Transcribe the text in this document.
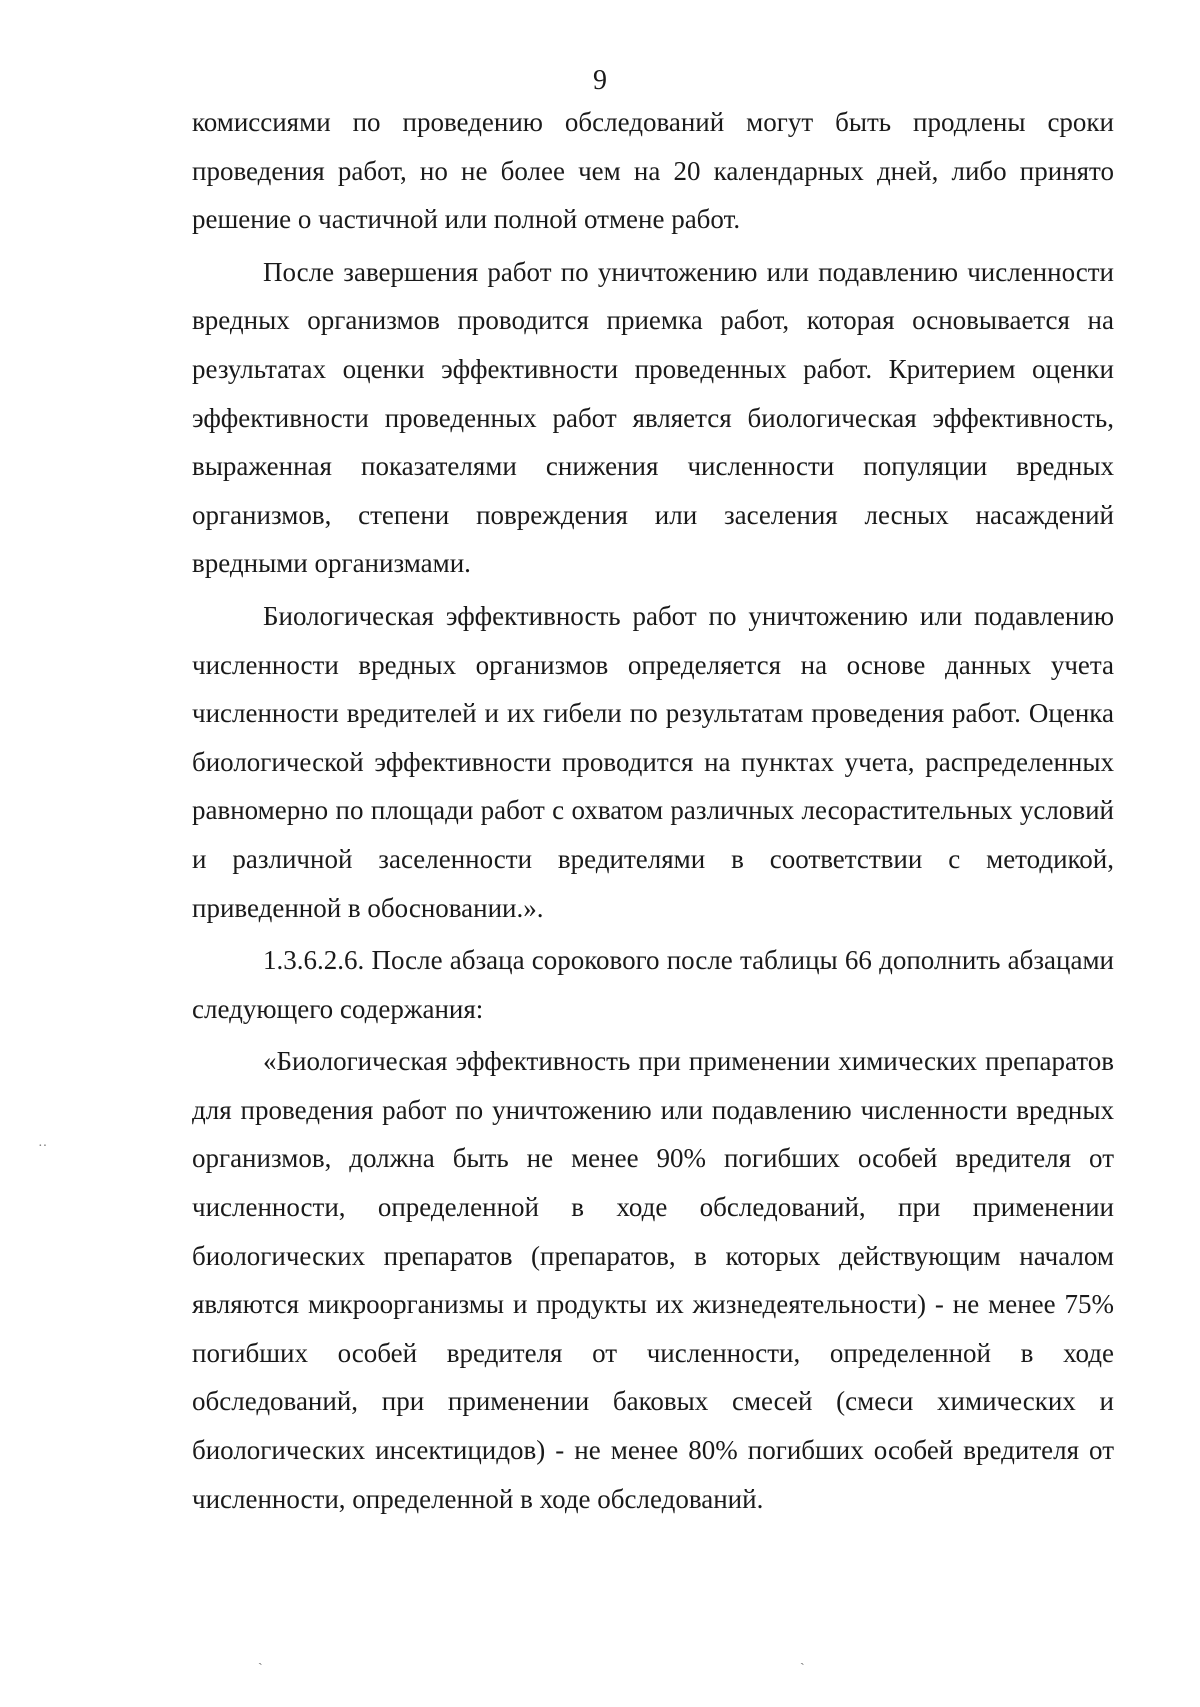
9

комиссиями по проведению обследований могут быть продлены сроки проведения работ, но не более чем на 20 календарных дней, либо принято решение о частичной или полной отмене работ.

После завершения работ по уничтожению или подавлению численности вредных организмов проводится приемка работ, которая основывается на результатах оценки эффективности проведенных работ. Критерием оценки эффективности проведенных работ является биологическая эффективность, выраженная показателями снижения численности популяции вредных организмов, степени повреждения или заселения лесных насаждений вредными организмами.

Биологическая эффективность работ по уничтожению или подавлению численности вредных организмов определяется на основе данных учета численности вредителей и их гибели по результатам проведения работ. Оценка биологической эффективности проводится на пунктах учета, распределенных равномерно по площади работ с охватом различных лесорастительных условий и различной заселенности вредителями в соответствии с методикой, приведенной в обосновании.».

1.3.6.2.6. После абзаца сорокового после таблицы 66 дополнить абзацами следующего содержания:

«Биологическая эффективность при применении химических препаратов для проведения работ по уничтожению или подавлению численности вредных организмов, должна быть не менее 90% погибших особей вредителя от численности, определенной в ходе обследований, при применении биологических препаратов (препаратов, в которых действующим началом являются микроорганизмы и продукты их жизнедеятельности) - не менее 75% погибших особей вредителя от численности, определенной в ходе обследований, при применении баковых смесей (смеси химических и биологических инсектицидов) - не менее 80% погибших особей вредителя от численности, определенной в ходе обследований.

··
ˎ	ˎ
